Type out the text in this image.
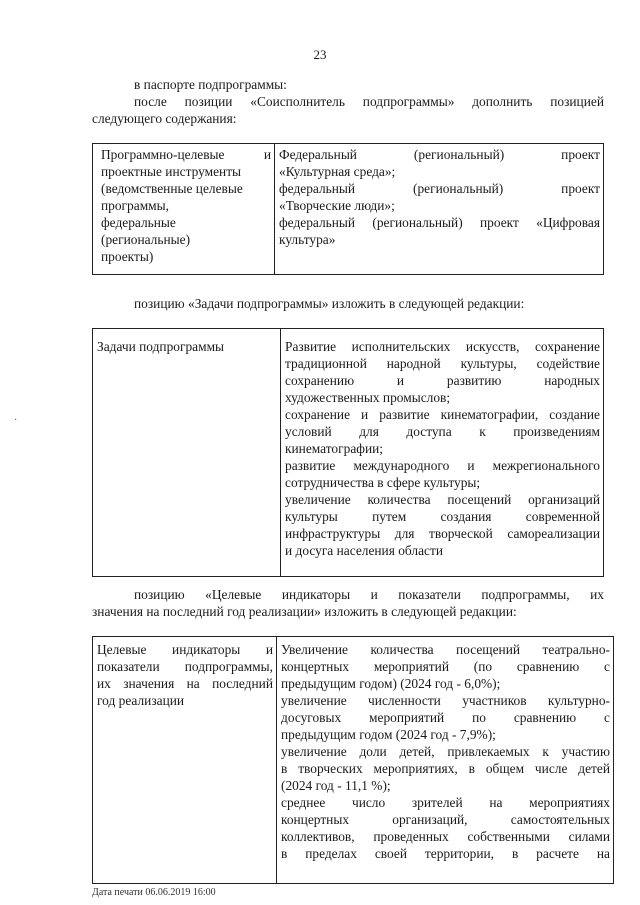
23
в паспорте подпрограммы:
после позиции «Соисполнитель подпрограммы» дополнить позицией
следующего содержания:
Программно-целевые и
проектные инструменты
(ведомственные целевые
программы,
федеральные
(региональные)
проекты)

Федеральный (региональный) проект
«Культурная среда»;
федеральный (региональный) проект
«Творческие люди»;
федеральный (региональный) проект «Цифровая
культура»
позицию «Задачи подпрограммы» изложить в следующей редакции:
Задачи подпрограммы	Развитие исполнительских искусств, сохранение
традиционной народной культуры, содействие
сохранению и развитию народных
художественных промыслов;
сохранение и развитие кинематографии, создание
условий для доступа к произведениям
кинематографии;
развитие международного и межрегионального
сотрудничества в сфере культуры;
увеличение количества посещений организаций
культуры путем создания современной
инфраструктуры для творческой самореализации
и досуга населения области
позицию «Целевые индикаторы и показатели подпрограммы, их
значения на последний год реализации» изложить в следующей редакции:
Целевые индикаторы и
показатели подпрограммы,
их значения на последний
год реализации

Увеличение количества посещений театрально-
концертных мероприятий (по сравнению с
предыдущим годом) (2024 год - 6,0%);
увеличение численности участников культурно-
досуговых мероприятий по сравнению с
предыдущим годом (2024 год - 7,9%);
увеличение доли детей, привлекаемых к участию
в творческих мероприятиях, в общем числе детей
(2024 год - 11,1 %);
среднее число зрителей на мероприятиях
концертных организаций, самостоятельных
коллективов, проведенных собственными силами
в пределах своей территории, в расчете на
·
Дата печати 06.06.2019 16:00
